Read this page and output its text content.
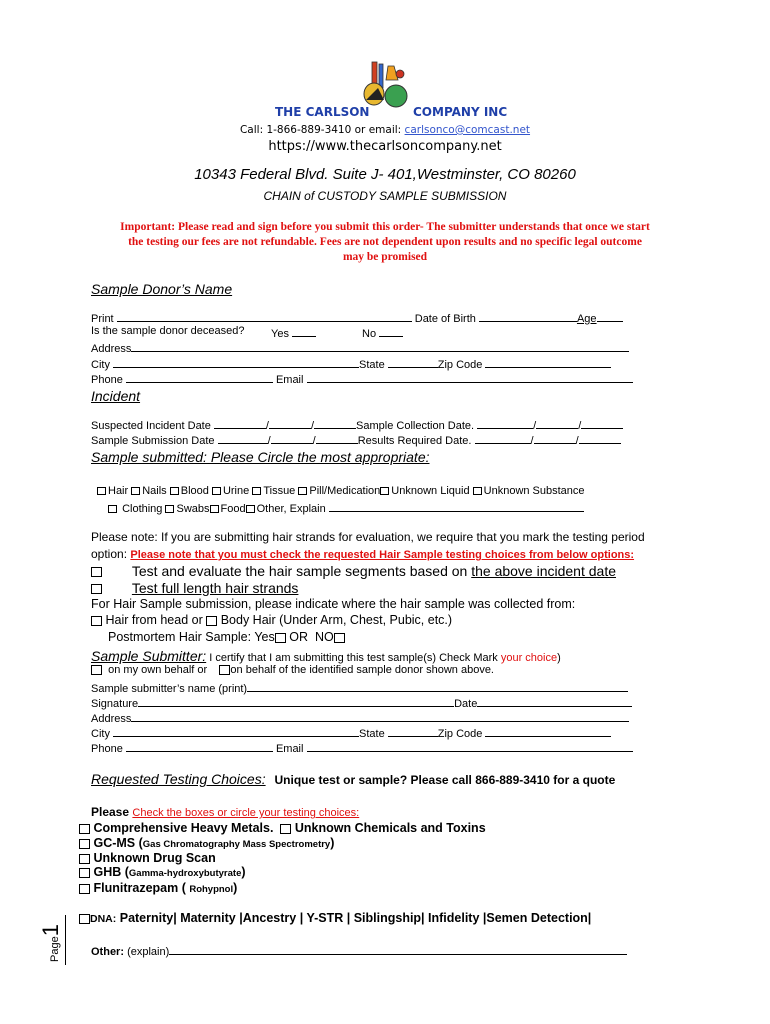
THE CARLSON	COMPANY INC
Call: 1-866-889-3410 or email: carlsonco@comcast.net
https://www.thecarlsoncompany.net
10343 Federal Blvd. Suite J- 401,Westminster, CO 80260
CHAIN of CUSTODY SAMPLE SUBMISSION
Important: Please read and sign before you submit this order- The submitter understands that once we start
the testing our fees are not refundable. Fees are not dependent upon results and no specific legal outcome
may be promised
Sample Donor’s Name
Print	Date of Birth	Age
Is the sample donor deceased? Yes	No
Address
City	State	Zip Code
Phone	Email
Incident
Suspected Incident Date	/	/	Sample Collection Date.	/	/
Sample Submission Date	/	/	Results Required Date.	/	/
Sample submitted: Please Circle the most appropriate:
Hair Nails Blood Urine Tissue Pill/Medication Unknown Liquid Unknown Substance
Clothing Swabs Food Other, Explain
Please note: If you are submitting hair strands for evaluation, we require that you mark the testing period
option: Please note that you must check the requested Hair Sample testing choices from below options:
Test and evaluate the hair sample segments based on the above incident date
Test full length hair strands
For Hair Sample submission, please indicate where the hair sample was collected from:
Hair from head or Body Hair (Under Arm, Chest, Pubic, etc.)
Postmortem Hair Sample: Yes OR NO
Sample Submitter: I certify that I am submitting this test sample(s) Check Mark your choice)
on my own behalf or on behalf of the identified sample donor shown above.
Sample submitter’s name (print)
Signature	Date
Address
City	State	Zip Code
Phone	Email
Requested Testing Choices: Unique test or sample? Please call 866-889-3410 for a quote
Please Check the boxes or circle your testing choices:
Comprehensive Heavy Metals. Unknown Chemicals and Toxins
GC-MS (Gas Chromatography Mass Spectrometry)
Unknown Drug Scan
GHB (Gamma-hydroxybutyrate)
Flunitrazepam ( Rohypnol)
DNA: Paternity| Maternity |Ancestry | Y-STR | Siblingship| Infidelity |Semen Detection|
Other: (explain)
Page1
